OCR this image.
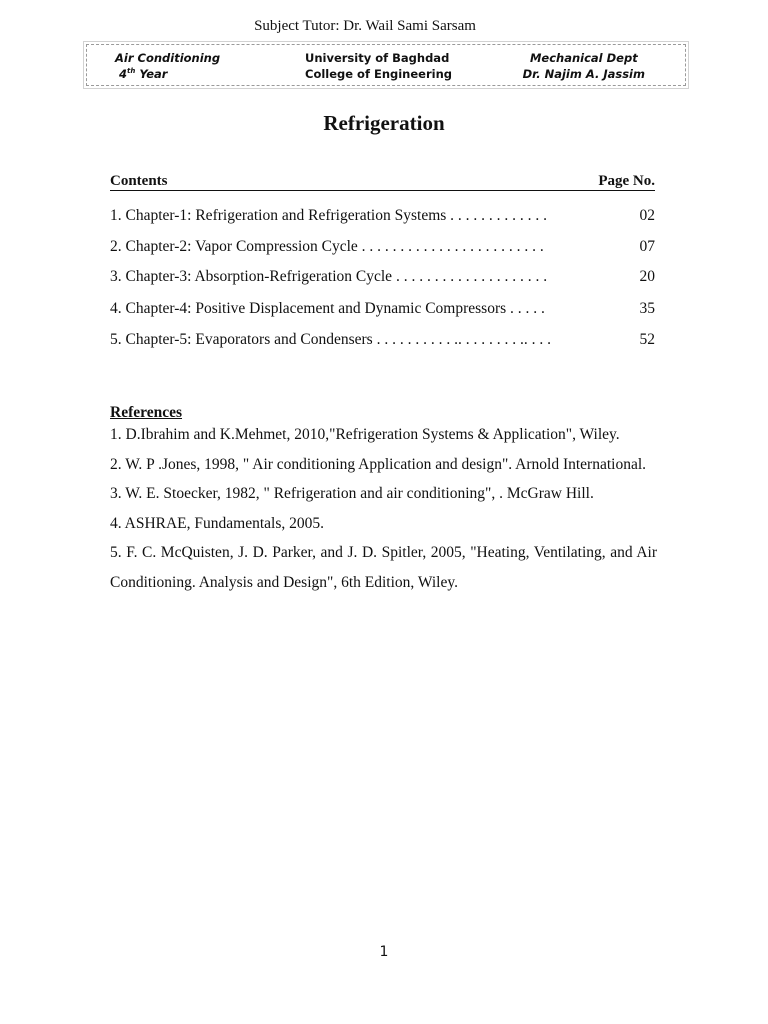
Subject Tutor: Dr. Wail Sami Sarsam
Air Conditioning
4th Year
University of Baghdad
College of Engineering
Mechanical Dept
Dr. Najim A. Jassim
Refrigeration
Contents	Page No.
1. Chapter-1: Refrigeration and Refrigeration Systems . . . . . . . . . . . . .	02
2. Chapter-2: Vapor Compression Cycle . . . . . . . . . . . . . . . . . . . . . . . .	07
3. Chapter-3: Absorption-Refrigeration Cycle . . . . . . . . . . . . . . . . . . . .	20
4. Chapter-4: Positive Displacement and Dynamic Compressors . . . . .	35
5. Chapter-5: Evaporators and Condensers . . . . . . . . . . .. . . . . . . . .. . . .	52
References

1. D.Ibrahim and K.Mehmet, 2010,"Refrigeration Systems & Application", Wiley.

2. W. P .Jones, 1998, " Air conditioning Application and design". Arnold International.

3. W. E. Stoecker, 1982, " Refrigeration and air conditioning", . McGraw Hill.

4. ASHRAE, Fundamentals, 2005.

5. F. C. McQuisten, J. D. Parker, and J. D. Spitler, 2005, "Heating, Ventilating, and Air Conditioning. Analysis and Design", 6th Edition, Wiley.

1
